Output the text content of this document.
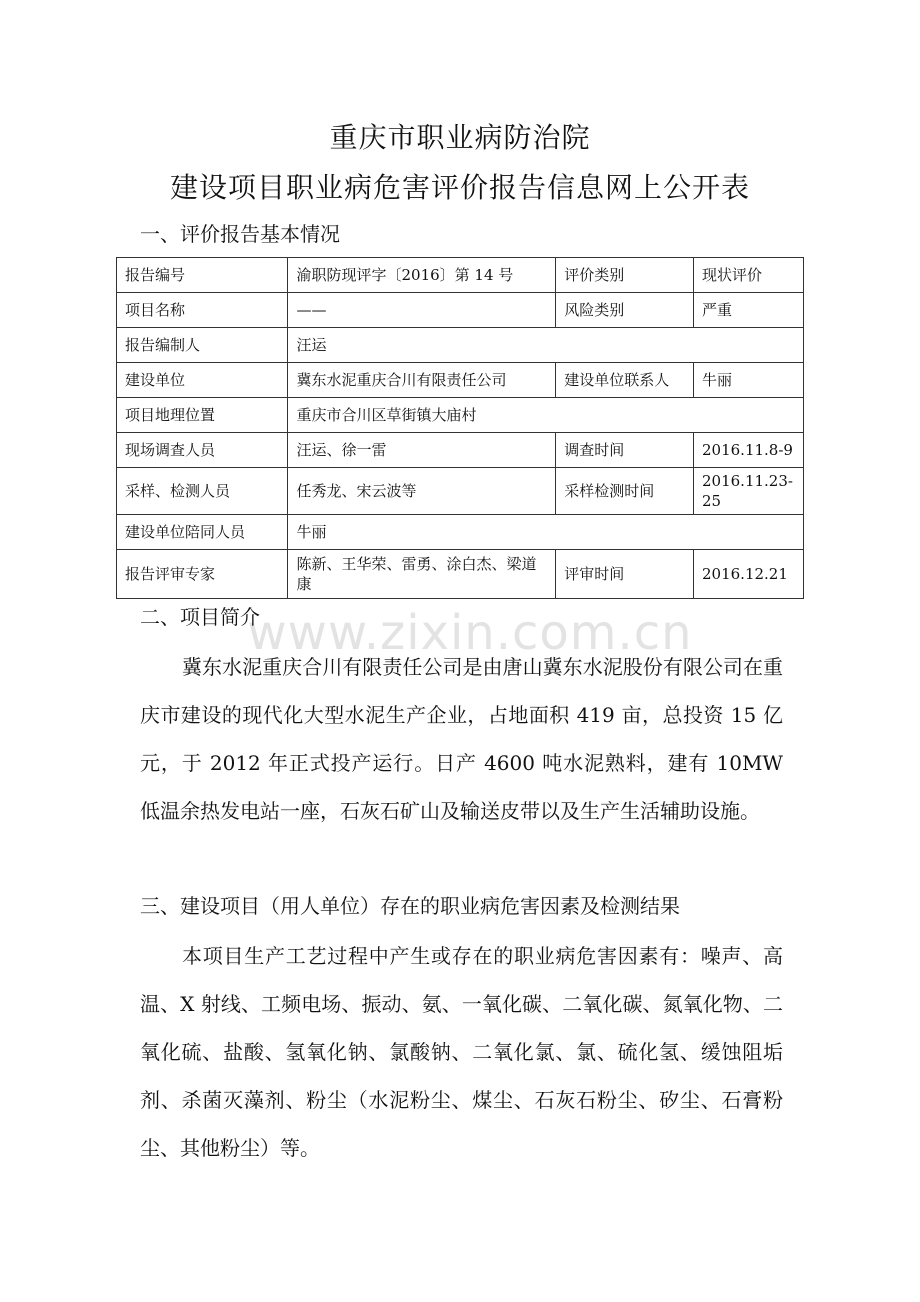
重庆市职业病防治院
建设项目职业病危害评价报告信息网上公开表
一、评价报告基本情况
报告编号	渝职防现评字〔2016〕第 14 号	评价类别	现状评价
项目名称	——	风险类别	严重
报告编制人	汪运		
建设单位	冀东水泥重庆合川有限责任公司	建设单位联系人	牛丽
项目地理位置	重庆市合川区草街镇大庙村		
现场调查人员	汪运、徐一雷	调查时间	2016.11.8-9
采样、检测人员	任秀龙、宋云波等	采样检测时间	2016.11.23-25
建设单位陪同人员	牛丽		
报告评审专家	陈新、王华荣、雷勇、涂白杰、梁道康	评审时间	2016.12.21
www.zixin.com.cn
二、项目简介

冀东水泥重庆合川有限责任公司是由唐山冀东水泥股份有限公司在重庆市建设的现代化大型水泥生产企业，占地面积 419 亩，总投资 15 亿元，于 2012 年正式投产运行。日产 4600 吨水泥熟料，建有 10MW 低温余热发电站一座，石灰石矿山及输送皮带以及生产生活辅助设施。

三、建设项目（用人单位）存在的职业病危害因素及检测结果

本项目生产工艺过程中产生或存在的职业病危害因素有：噪声、高温、X 射线、工频电场、振动、氨、一氧化碳、二氧化碳、氮氧化物、二氧化硫、盐酸、氢氧化钠、氯酸钠、二氧化氯、氯、硫化氢、缓蚀阻垢剂、杀菌灭藻剂、粉尘（水泥粉尘、煤尘、石灰石粉尘、矽尘、石膏粉尘、其他粉尘）等。
